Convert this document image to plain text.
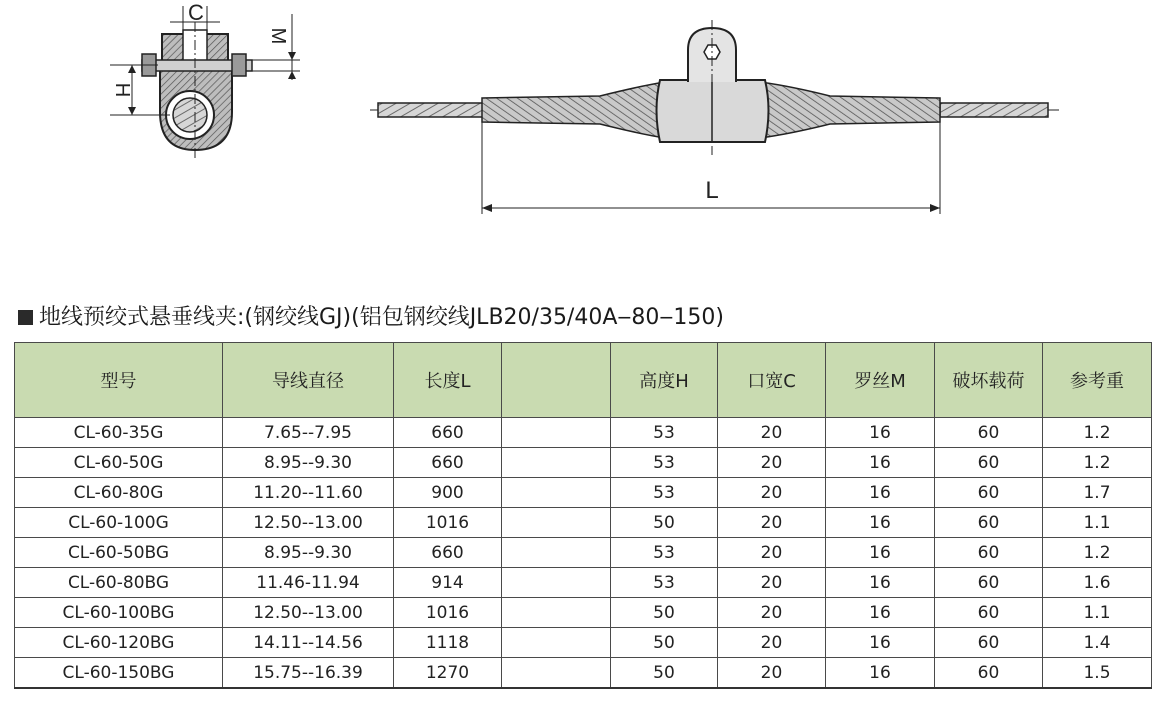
C
M
H
L
地线预绞式悬垂线夹:(钢绞线GJ)(铝包钢绞线JLB20/35/40A‒80‒150)
型号	导线直径	长度L		高度H	口宽C	罗丝M	破坏载荷	参考重
CL-60-35G	7.65--7.95	660		53	20	16	60	1.2
CL-60-50G	8.95--9.30	660		53	20	16	60	1.2
CL-60-80G	11.20--11.60	900		53	20	16	60	1.7
CL-60-100G	12.50--13.00	1016		50	20	16	60	1.1
CL-60-50BG	8.95--9.30	660		53	20	16	60	1.2
CL-60-80BG	11.46-11.94	914		53	20	16	60	1.6
CL-60-100BG	12.50--13.00	1016		50	20	16	60	1.1
CL-60-120BG	14.11--14.56	1118		50	20	16	60	1.4
CL-60-150BG	15.75--16.39	1270		50	20	16	60	1.5
